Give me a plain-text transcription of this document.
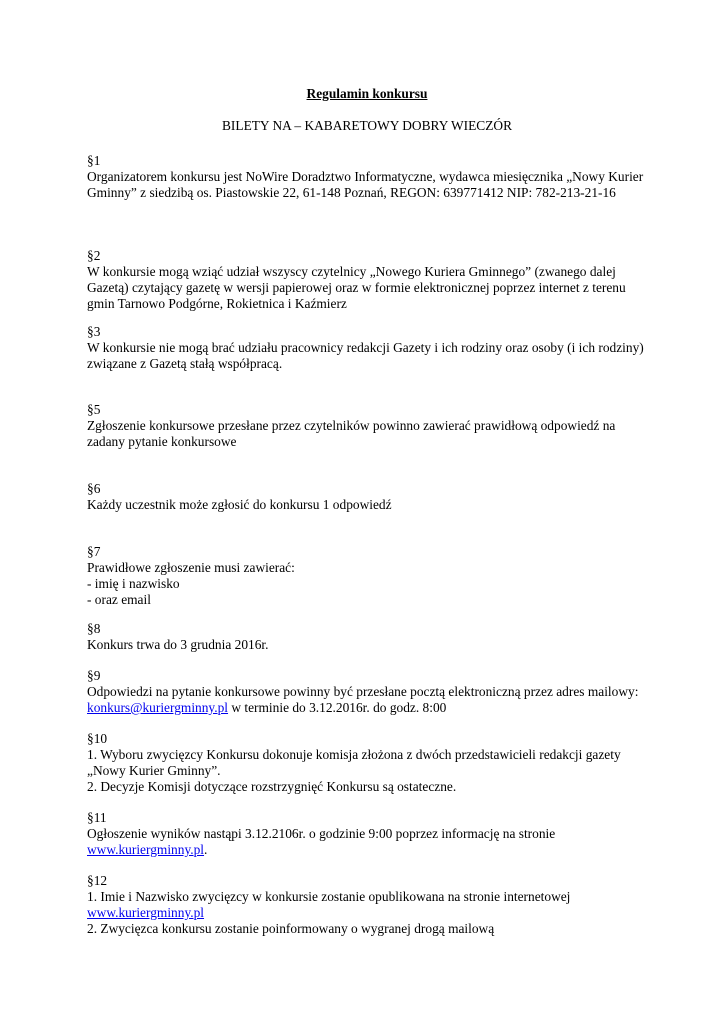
Regulamin konkursu

BILETY NA – KABARETOWY DOBRY WIECZÓR

§1

Organizatorem konkursu jest NoWire Doradztwo Informatyczne, wydawca miesięcznika „Nowy Kurier Gminny” z siedzibą os. Piastowskie 22, 61-148 Poznań, REGON: 639771412 NIP: 782-213-21-16

§2

W konkursie mogą wziąć udział wszyscy czytelnicy „Nowego Kuriera Gminnego” (zwanego dalej Gazetą) czytający gazetę w wersji papierowej oraz w formie elektronicznej poprzez internet z terenu gmin Tarnowo Podgórne, Rokietnica i Kaźmierz

§3

W konkursie nie mogą brać udziału pracownicy redakcji Gazety i ich rodziny oraz osoby (i ich rodziny) związane z Gazetą stałą współpracą.

§5

Zgłoszenie konkursowe przesłane przez czytelników powinno zawierać prawidłową odpowiedź na zadany pytanie konkursowe

§6

Każdy uczestnik może zgłosić do konkursu 1 odpowiedź

§7

Prawidłowe zgłoszenie musi zawierać:

- imię i nazwisko

- oraz email

§8

Konkurs trwa do 3 grudnia 2016r.

§9

Odpowiedzi na pytanie konkursowe powinny być przesłane pocztą elektroniczną przez adres mailowy:

konkurs@kuriergminny.pl w terminie do 3.12.2016r. do godz. 8:00

§10

1. Wyboru zwycięzcy Konkursu dokonuje komisja złożona z dwóch przedstawicieli redakcji gazety „Nowy Kurier Gminny”.

2. Decyzje Komisji dotyczące rozstrzygnięć Konkursu są ostateczne.

§11

Ogłoszenie wyników nastąpi 3.12.2106r. o godzinie 9:00 poprzez informację na stronie

www.kuriergminny.pl.

§12

1. Imie i Nazwisko zwycięzcy w konkursie zostanie opublikowana na stronie internetowej

www.kuriergminny.pl

2. Zwycięzca konkursu zostanie poinformowany o wygranej drogą mailową
